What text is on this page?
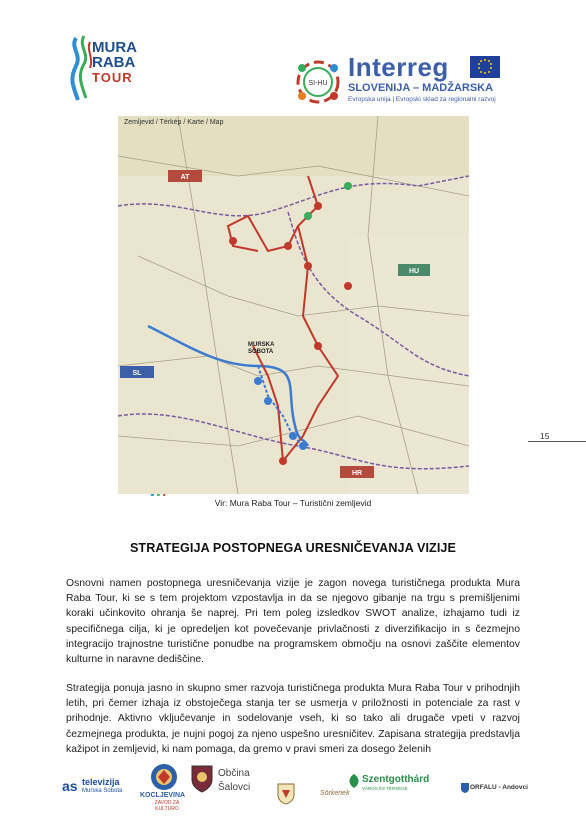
MURA
RABA
TOUR	SI-HU
Interreg
SLOVENIJA – MADŽARSKA
Evropska unija | Evropski sklad za regionalni razvoj
AT
HU
SL
HR
MURSKA
SOBOTA
Zemljevid / Térkép / Karte / Map
Vir: Mura Raba Tour – Turistični zemljevid
15
STRATEGIJA POSTOPNEGA URESNIČEVANJA VIZIJE
Osnovni namen postopnega uresničevanja vizije je zagon novega turističnega produkta Mura Raba Tour, ki se s tem projektom vzpostavlja in da se njegovo gibanje na trgu s premišljenimi koraki učinkovito ohranja še naprej. Pri tem poleg izsledkov SWOT analize, izhajamo tudi iz specifičnega cilja, ki je opredeljen kot povečevanje privlačnosti z diverzifikacijo in s čezmejno integracijo trajnostne turistične ponudbe na programskem območju na osnovi zaščite elementov kulturne in naravne dediščine.
Strategija ponuja jasno in skupno smer razvoja turističnega produkta Mura Raba Tour v prihodnjih letih, pri čemer izhaja iz obstoječega stanja ter se usmerja v priložnosti in potenciale za rast v prihodnje. Aktivno vključevanje in sodelovanje vseh, ki so tako ali drugače vpeti v razvoj čezmejnega produkta, je nujni pogoj za njeno uspešno uresničitev. Zapisana strategija predstavlja kažipot in zemljevid, ki nam pomaga, da gremo v pravi smeri za dosego želenih
as televizija
Murska Sobota
KOCLJEVINA
ZAVOD ZA KULTURO
Občina
Šalovci
Sörkenek
Szentgotthárd
VÁROS ÉS TÉRSÉGE	ORFALU - Andovci
